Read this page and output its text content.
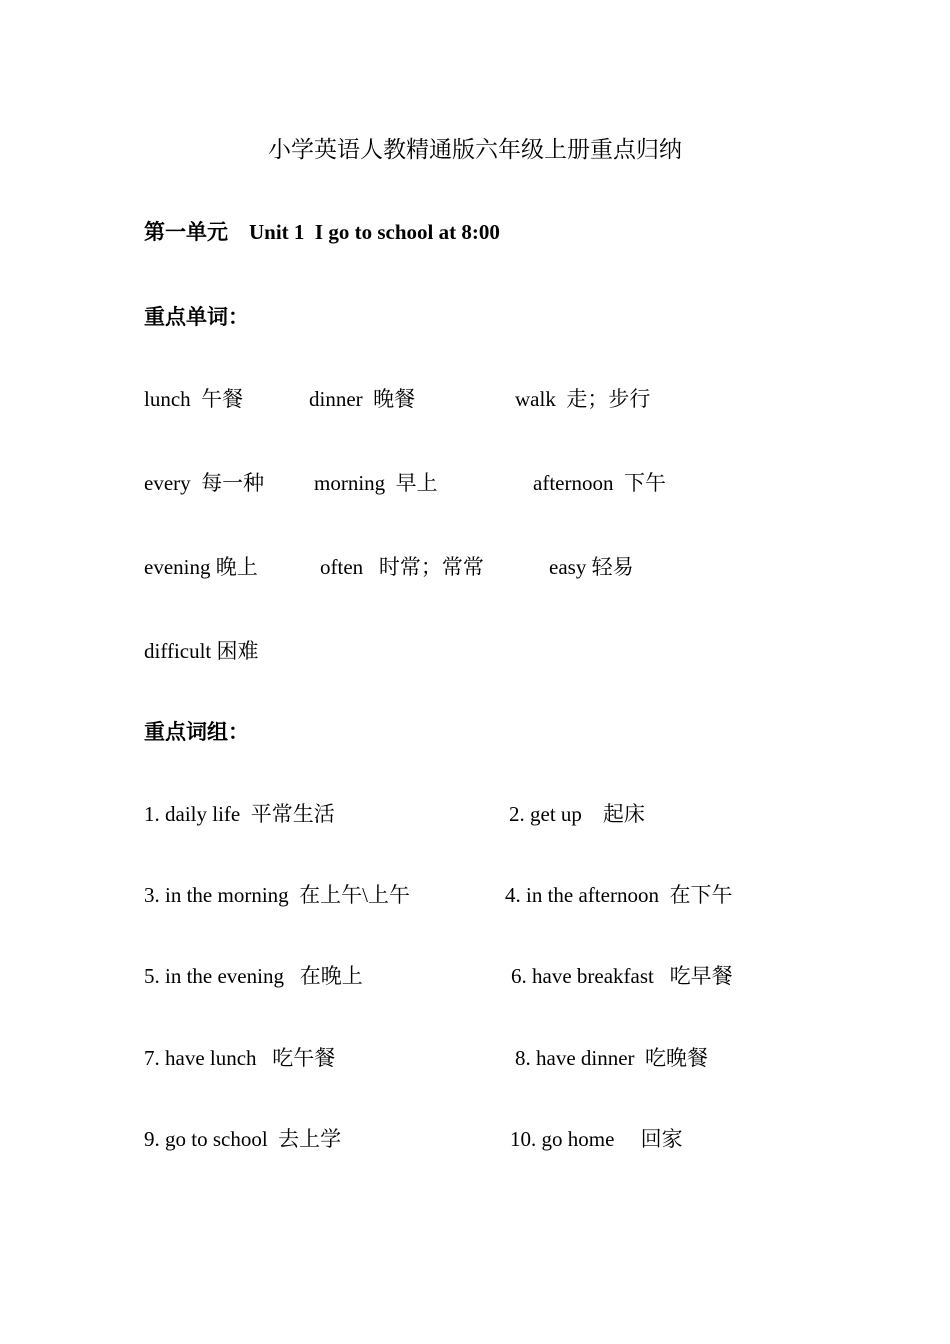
小学英语人教精通版六年级上册重点归纳
第一单元    Unit 1  I go to school at 8:00
重点单词：
lunch  午餐	dinner  晚餐	walk  走；步行
every  每一种 morning  早上	afternoon  下午
evening 晚上	often   时常；常常	easy 轻易
difficult 困难
重点词组：
1. daily life  平常生活	2. get up    起床
3. in the morning  在上午\上午	4. in the afternoon  在下午
5. in the evening   在晚上	6. have breakfast   吃早餐
7. have lunch   吃午餐	8. have dinner  吃晚餐
9. go to school  去上学	10. go home     回家
